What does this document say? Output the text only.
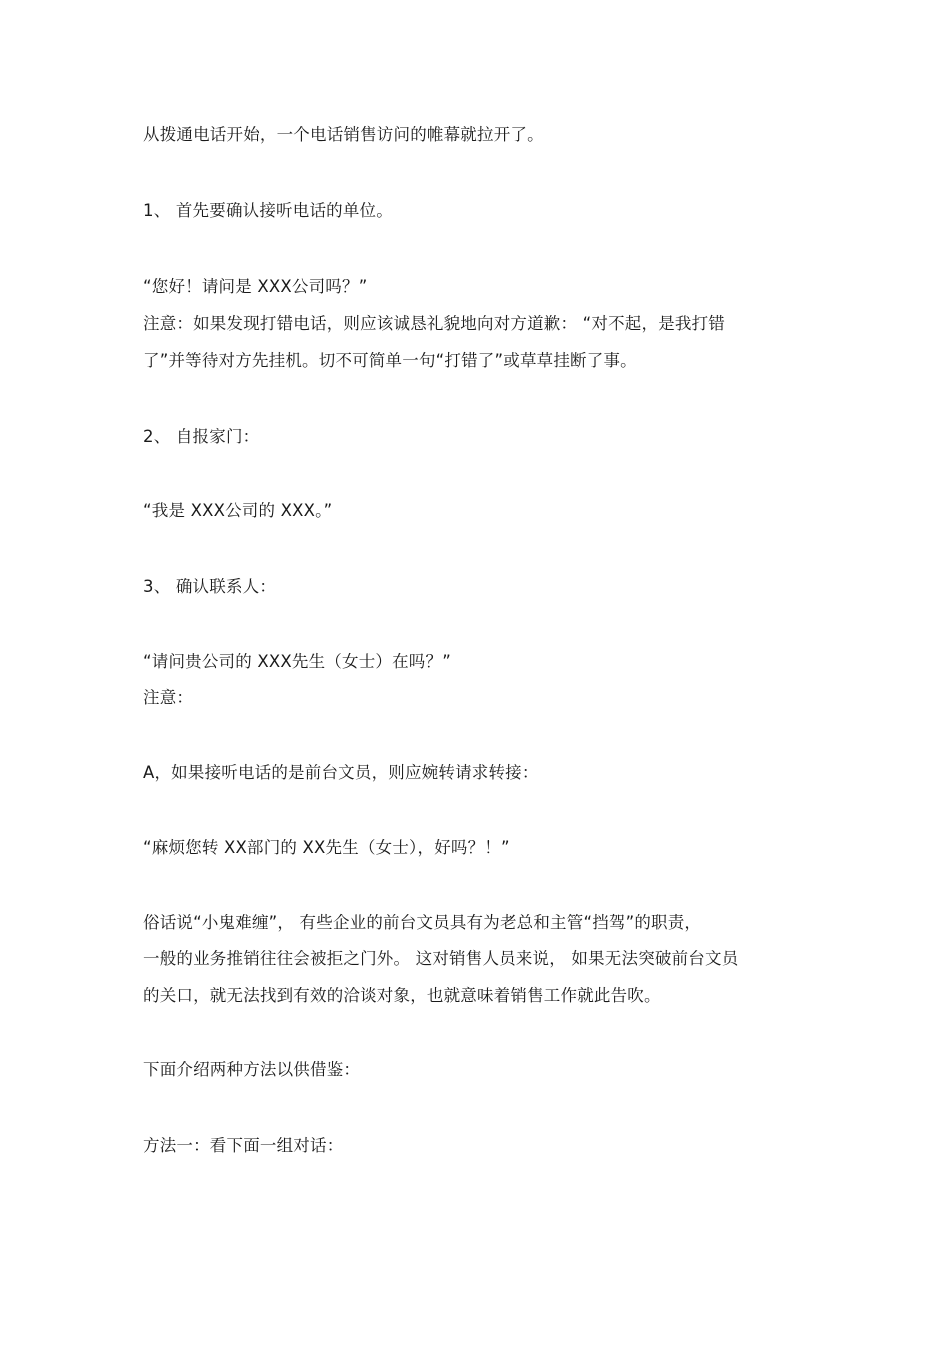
从拨通电话开始，一个电话销售访问的帷幕就拉开了。
1、 首先要确认接听电话的单位。
“您好！请问是 XXX公司吗？”
注意：如果发现打错电话，则应该诚恳礼貌地向对方道歉： “对不起，是我打错
了”并等待对方先挂机。切不可简单一句“打错了”或草草挂断了事。
2、 自报家门：
“我是 XXX公司的 XXX。”
3、 确认联系人：
“请问贵公司的 XXX先生（女士）在吗？”
注意：
A，如果接听电话的是前台文员，则应婉转请求转接：
“麻烦您转 XX部门的 XX先生（女士），好吗？！”
俗话说“小鬼难缠”， 有些企业的前台文员具有为老总和主管“挡驾”的职责，
一般的业务推销往往会被拒之门外。 这对销售人员来说， 如果无法突破前台文员
的关口，就无法找到有效的洽谈对象，也就意味着销售工作就此告吹。
下面介绍两种方法以供借鉴：
方法一：看下面一组对话：
